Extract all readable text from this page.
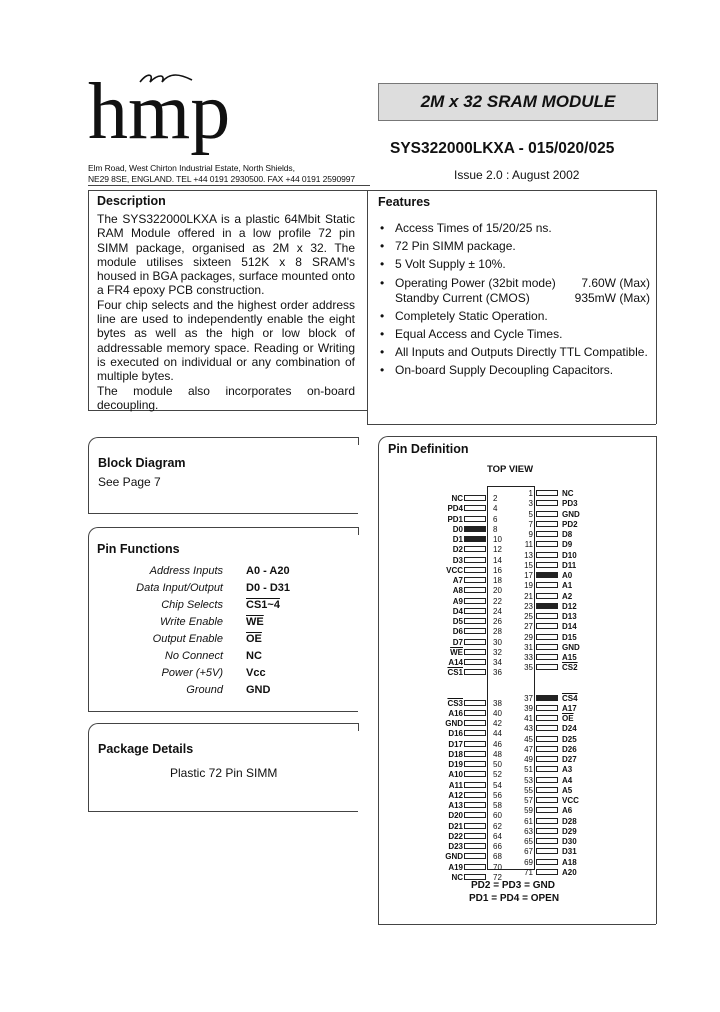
hmp
Elm Road, West Chirton Industrial Estate, North Shields,
NE29 8SE, ENGLAND. TEL +44 0191 2930500. FAX +44 0191 2590997
2M x 32 SRAM MODULE
SYS322000LKXA - 015/020/025
Issue 2.0 : August 2002
Description

The SYS322000LKXA is a plastic 64Mbit Static RAM Module offered in a low profile 72 pin SIMM package, organised as 2M x 32. The module utilises sixteen 512K x 8 SRAM's housed in BGA packages, surface mounted onto a FR4 epoxy PCB construction.

Four chip selects and the highest order address line are used to independently enable the eight bytes as well as the high or low block of addressable memory space. Reading or Writing is executed on individual or any combination of multiple bytes.

The module also incorporates on-board decoupling.

Features
• Access Times of 15/20/25 ns.
• 72 Pin SIMM package.
• 5 Volt Supply ± 10%.
• Operating Power (32bit mode) 7.60W (Max)
Standby Current (CMOS)	935mW (Max)
• Completely Static Operation.
• Equal Access and Cycle Times.
• All Inputs and Outputs Directly TTL Compatible.
• On-board Supply Decoupling Capacitors.
Block Diagram
See Page 7
Pin Functions
Address Inputs A0 - A20
Data Input/Output D0 - D31
Chip Selects CS1~4
Write Enable $\overline{WE}$
Output Enable $\overline{OE}$
No Connect NC
Power (+5V) Vcc
Ground GND
Package Details
Plastic 72 Pin SIMM
Pin Definition
TOP VIEW
NC	2
PD4	4
PD1	6
D0	8
D1	10
D2	12
D3	14
VCC	16
A7	18
A8	20
A9	22
D4	24
D5	26
D6	28
D7	30
$\overline{WE}$	32
A14	34
CS1	36
CS3	38
A16	40
GND	42
D16	44
D17	46
D18	48
D19	50
A10	52
A11	54
A12	56
A13	58
D20	60
D21	62
D22	64
D23	66
GND	68
A19	70
NC	72
1	NC
3	PD3
5	GND
7	PD2
9	D8
11	D9
13	D10
15	D11
17	A0
19	A1
21	A2
23	D12
25	D13
27	D14
29	D15
31	GND
33	A15
35	CS2
37	CS4
39	A17
41	$\overline{OE}$
43	D24
45	D25
47	D26
49	D27
51	A3
53	A4
55	A5
57	VCC
59	A6
61	D28
63	D29
65	D30
67	D31
69	A18
71	A20
PD2 = PD3 = GND
PD1 = PD4 = OPEN
